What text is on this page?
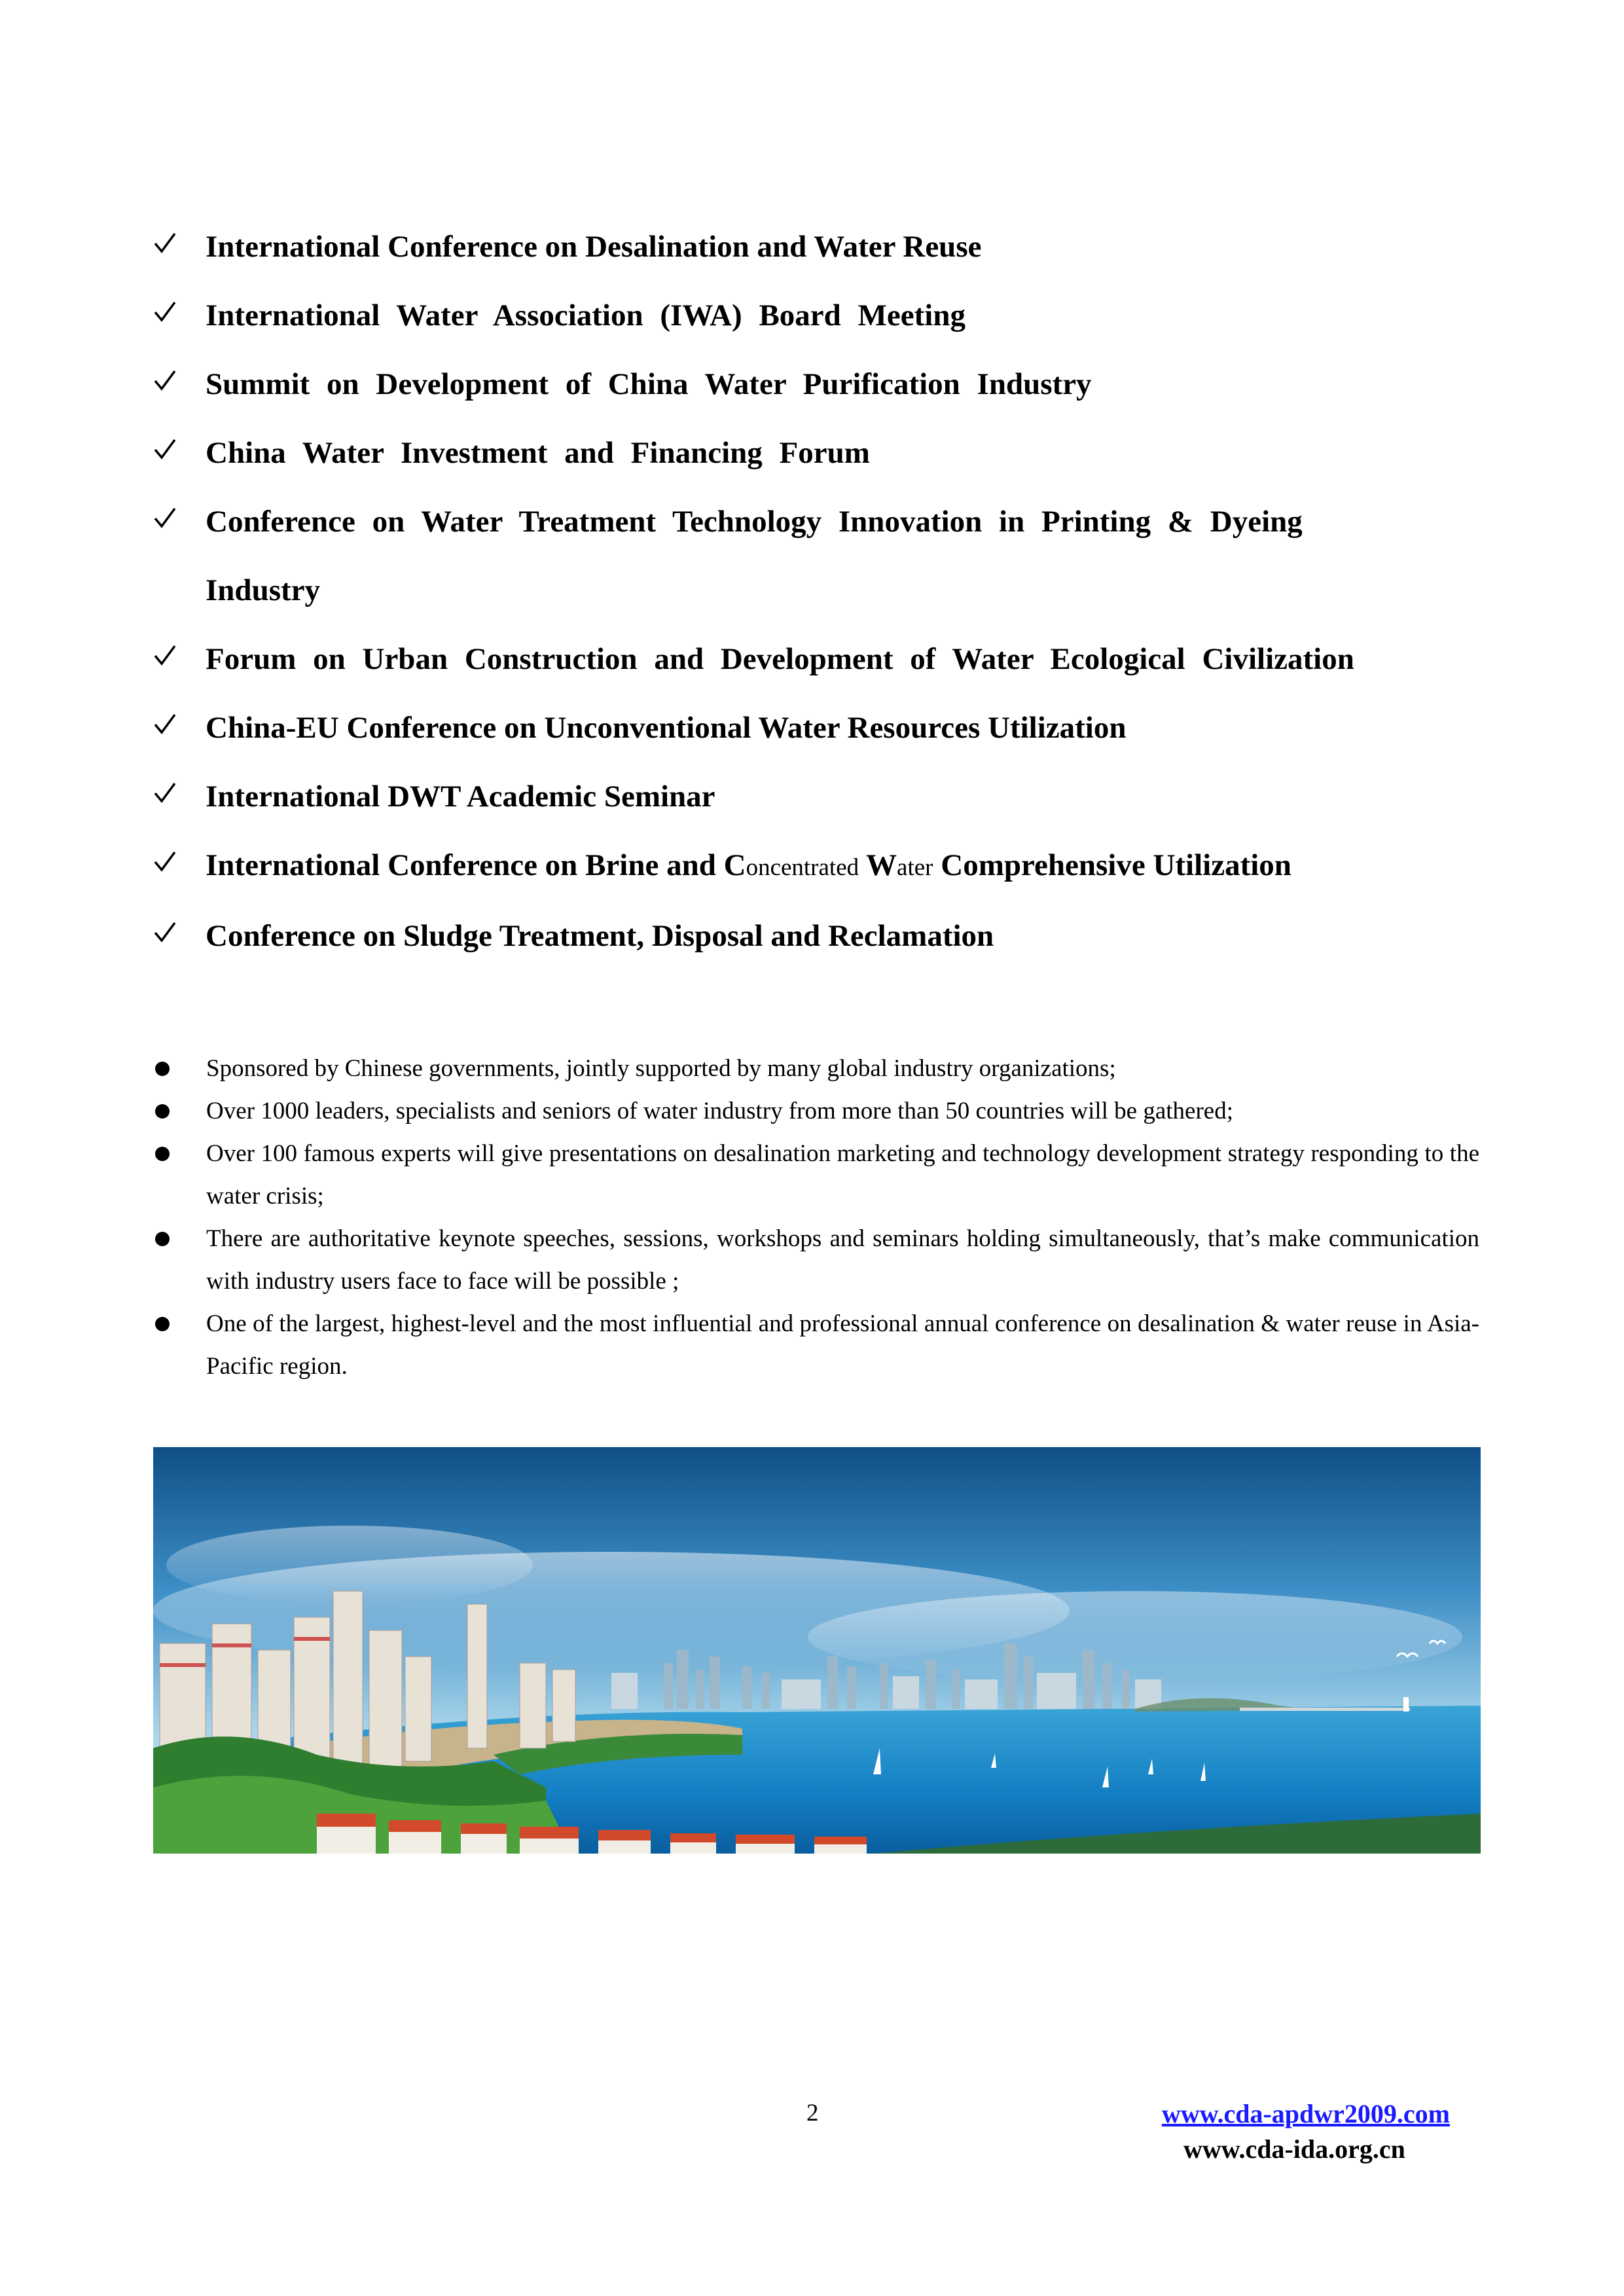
International Conference on Desalination and Water Reuse
International Water Association (IWA) Board Meeting
Summit on Development of China Water Purification Industry
China Water Investment and Financing Forum
Conference on Water Treatment Technology Innovation in Printing & Dyeing
Industry
Forum on Urban Construction and Development of Water Ecological Civilization
China-EU Conference on Unconventional Water Resources Utilization
International DWT Academic Seminar
International Conference on Brine and Concentrated Water Comprehensive Utilization
Conference on Sludge Treatment, Disposal and Reclamation
Sponsored by Chinese governments, jointly supported by many global industry organizations;
Over 1000 leaders, specialists and seniors of water industry from more than 50 countries will be gathered;
Over 100 famous experts will give presentations on desalination marketing and technology development strategy responding to the water crisis;
There are authoritative keynote speeches, sessions, workshops and seminars holding simultaneously, that’s make communication with industry users face to face will be possible ;
One of the largest, highest-level and the most influential and professional annual conference on desalination & water reuse in Asia-Pacific region.
2	www.cda-apdwr2009.com
www.cda-ida.org.cn
